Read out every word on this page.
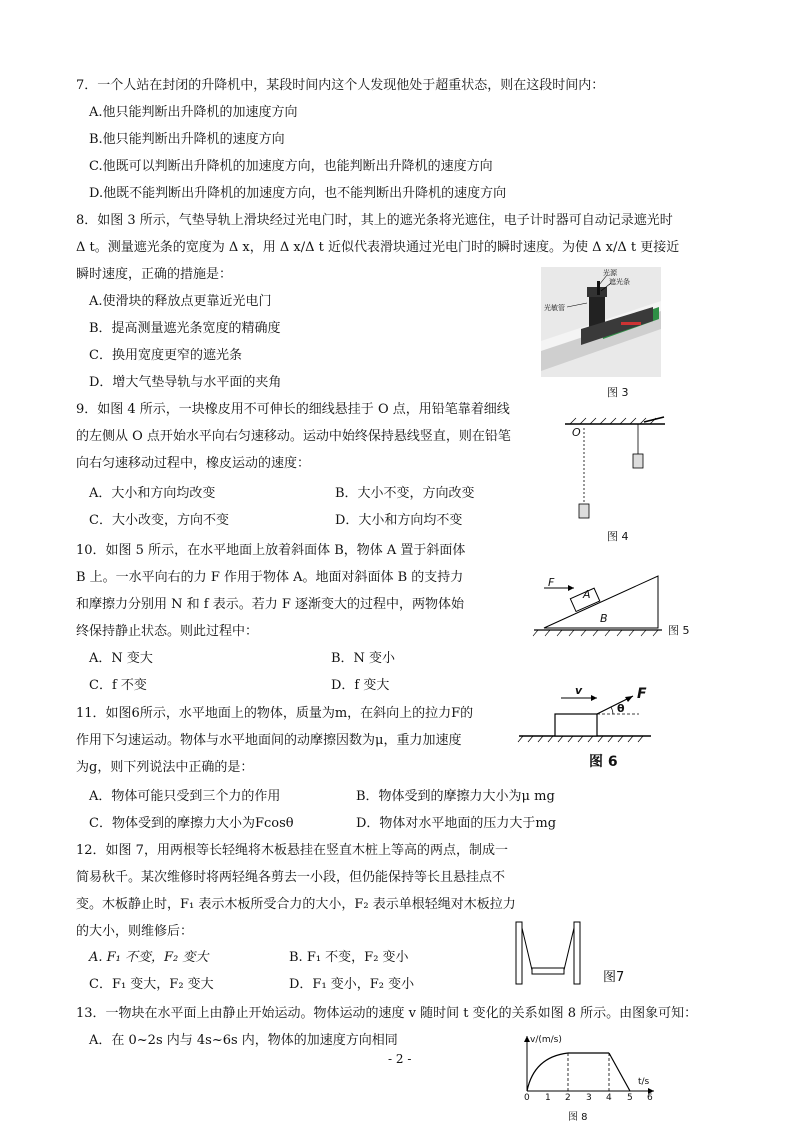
7．一个人站在封闭的升降机中，某段时间内这个人发现他处于超重状态，则在这段时间内：
A.他只能判断出升降机的加速度方向
B.他只能判断出升降机的速度方向
C.他既可以判断出升降机的加速度方向，也能判断出升降机的速度方向
D.他既不能判断出升降机的加速度方向，也不能判断出升降机的速度方向
8．如图 3 所示，气垫导轨上滑块经过光电门时，其上的遮光条将光遮住，电子计时器可自动记录遮光时
Δ t。测量遮光条的宽度为 Δ x，用 Δ x/Δ t 近似代表滑块通过光电门时的瞬时速度。为使 Δ x/Δ t 更接近
瞬时速度，正确的措施是：
A.使滑块的释放点更靠近光电门
B．提高测量遮光条宽度的精确度
C．换用宽度更窄的遮光条
D．增大气垫导轨与水平面的夹角
光源
遮光条
光敏管
图 3
9．如图 4 所示，一块橡皮用不可伸长的细线悬挂于 O 点，用铅笔靠着细线
的左侧从 O 点开始水平向右匀速移动。运动中始终保持悬线竖直，则在铅笔
向右匀速移动过程中，橡皮运动的速度：
A．大小和方向均改变	B．大小不变，方向改变
C．大小改变，方向不变	D．大小和方向均不变
O
图 4
10．如图 5 所示，在水平地面上放着斜面体 B，物体 A 置于斜面体
B 上。一水平向右的力 F 作用于物体 A。地面对斜面体 B 的支持力
和摩擦力分别用 N 和 f 表示。若力 F 逐渐变大的过程中，两物体始
终保持静止状态。则此过程中：
A．N 变大	B．N 变小
C．f 不变	D．f 变大
F
A
B
图 5
11．如图6所示，水平地面上的物体，质量为m，在斜向上的拉力F的
作用下匀速运动。物体与水平地面间的动摩擦因数为μ，重力加速度
为g，则下列说法中正确的是：
A．物体可能只受到三个力的作用	B．物体受到的摩擦力大小为μ mg
C．物体受到的摩擦力大小为Fcosθ	D．物体对水平地面的压力大于mg
v	F
θ
图 6
12．如图 7，用两根等长轻绳将木板悬挂在竖直木桩上等高的两点，制成一
简易秋千。某次维修时将两轻绳各剪去一小段，但仍能保持等长且悬挂点不
变。木板静止时，F₁ 表示木板所受合力的大小，F₂ 表示单根轻绳对木板拉力
的大小，则维修后：
A. F₁ 不变，F₂ 变大	B. F₁ 不变，F₂ 变小
C．F₁ 变大，F₂ 变大	D．F₁ 变小，F₂ 变小	图7
13．一物块在水平面上由静止开始运动。物体运动的速度 v 随时间 t 变化的关系如图 8 所示。由图象可知：
A．在 0~2s 内与 4s~6s 内，物体的加速度方向相同	v/(m/s)
t/s
0 1 2 3 4 5 6
图 8
- 2 -
